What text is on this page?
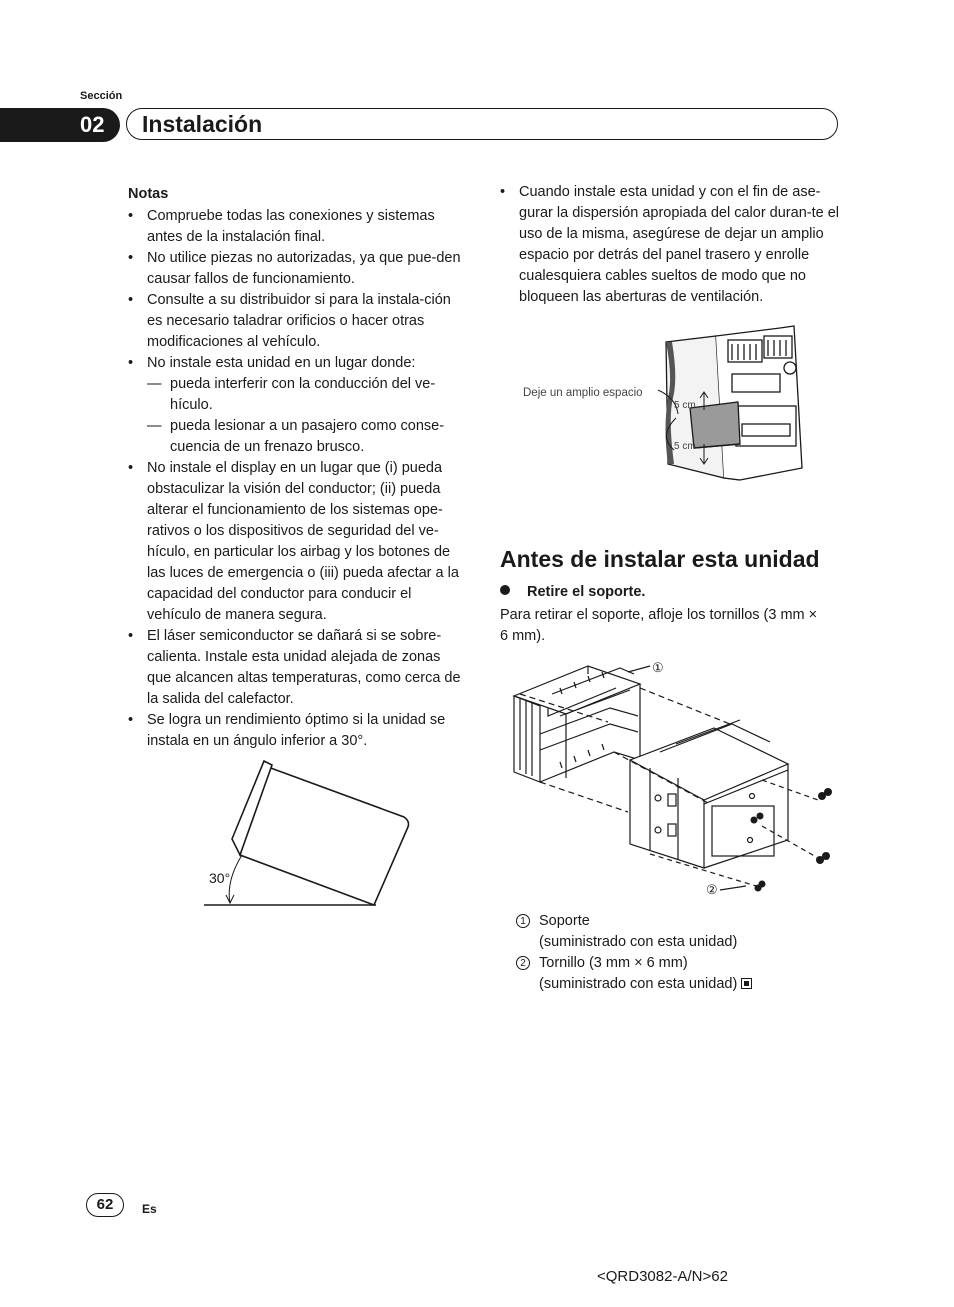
Sección
02 Instalación
Notas
• Compruebe todas las conexiones y sistemas antes de la instalación final.
• No utilice piezas no autorizadas, ya que pue-den causar fallos de funcionamiento.
• Consulte a su distribuidor si para la instala-ción es necesario taladrar orificios o hacer otras modificaciones al vehículo.
• No instale esta unidad en un lugar donde:
— pueda interferir con la conducción del ve-hículo.
— pueda lesionar a un pasajero como conse-cuencia de un frenazo brusco.
• No instale el display en un lugar que (i) pueda obstaculizar la visión del conductor; (ii) pueda alterar el funcionamiento de los sistemas ope-rativos o los dispositivos de seguridad del ve-hículo, en particular los airbag y los botones de las luces de emergencia o (iii) pueda afectar a la capacidad del conductor para conducir el vehículo de manera segura.
• El láser semiconductor se dañará si se sobre-calienta. Instale esta unidad alejada de zonas que alcancen altas temperaturas, como cerca de la salida del calefactor.
• Se logra un rendimiento óptimo si la unidad se instala en un ángulo inferior a 30°.
30°
• Cuando instale esta unidad y con el fin de ase-gurar la dispersión apropiada del calor duran-te el uso de la misma, asegúrese de dejar un amplio espacio por detrás del panel trasero y enrolle cualesquiera cables sueltos de modo que no bloqueen las aberturas de ventilación.
Deje un amplio espacio
5 cm
5 cm
Antes de instalar esta unidad
Retire el soporte.
Para retirar el soporte, afloje los tornillos (3 mm × 6 mm).
①
②
1 Soporte
(suministrado con esta unidad)
2 Tornillo (3 mm × 6 mm)
(suministrado con esta unidad)
62	Es
<QRD3082-A/N>62
